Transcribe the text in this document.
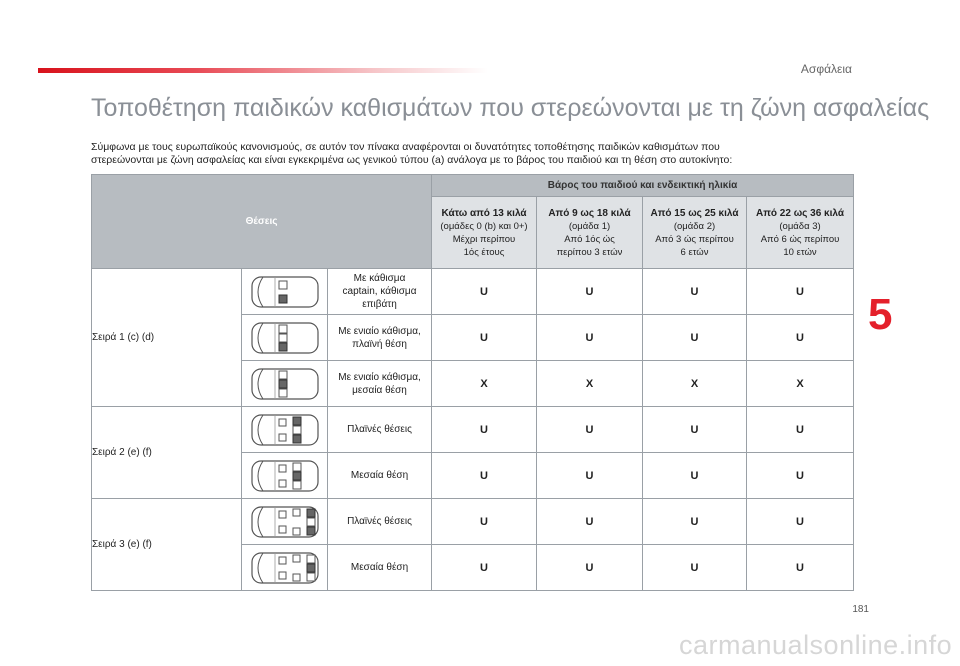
Ασφάλεια
Τοποθέτηση παιδικών καθισμάτων που στερεώνονται με τη ζώνη ασφαλείας
Σύμφωνα με τους ευρωπαϊκούς κανονισμούς, σε αυτόν τον πίνακα αναφέρονται οι δυνατότητες τοποθέτησης παιδικών καθισμάτων που
στερεώνονται με ζώνη ασφαλείας και είναι εγκεκριμένα ως γενικού τύπου (a) ανάλογα με το βάρος του παιδιού και τη θέση στο αυτοκίνητο:
Θέσεις			Βάρος του παιδιού και ενδεικτική ηλικία			
			Κάτω από 13 κιλά
(ομάδες 0 (b) και 0+)
Μέχρι περίπου
1ός έτους	Από 9 ως 18 κιλά
(ομάδα 1)
Από 1ός ώς
περίπου 3 ετών	Από 15 ως 25 κιλά
(ομάδα 2)
Από 3 ώς περίπου
6 ετών	Από 22 ως 36 κιλά
(ομάδα 3)
Από 6 ώς περίπου
10 ετών
Σειρά 1 (c) (d)		Με κάθισμα
captain, κάθισμα
επιβάτη	U	U	U	U

	Με ενιαίο κάθισμα,
πλαϊνή θέση	U	U	U	U

	Με ενιαίο κάθισμα,
μεσαία θέση	X	X	X	X
Σειρά 2 (e) (f)		Πλαϊνές θέσεις	U	U	U	U

	Μεσαία θέση	U	U	U	U
Σειρά 3 (e) (f)		Πλαϊνές θέσεις	U	U	U	U

	Μεσαία θέση	U	U	U	U
5
181
carmanualsonline.info
